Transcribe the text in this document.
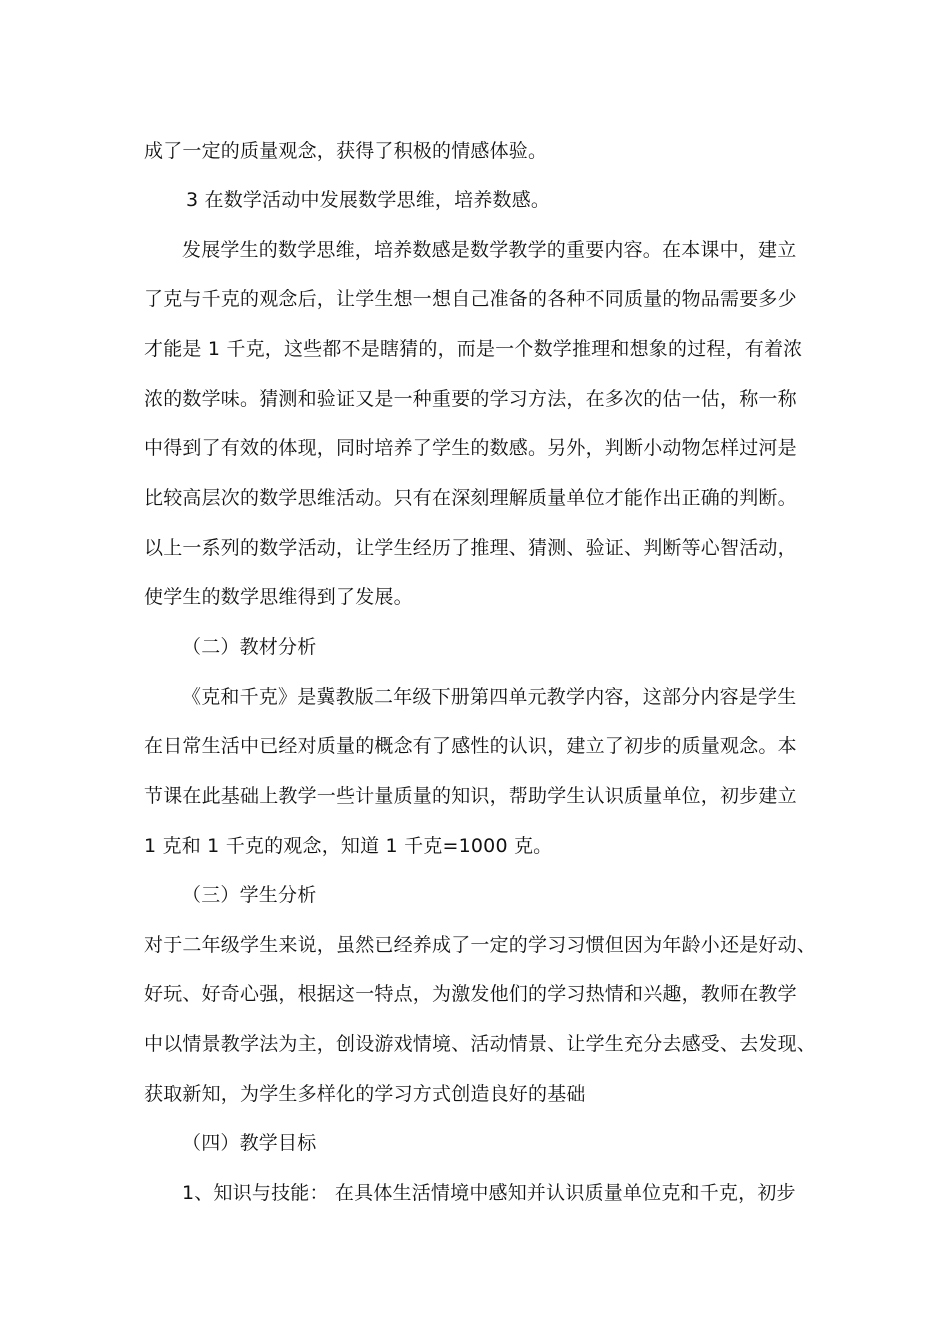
成了一定的质量观念，获得了积极的情感体验。
3 在数学活动中发展数学思维，培养数感。
发展学生的数学思维，培养数感是数学教学的重要内容。在本课中，建立
了克与千克的观念后，让学生想一想自己准备的各种不同质量的物品需要多少
才能是 1 千克，这些都不是瞎猜的，而是一个数学推理和想象的过程，有着浓
浓的数学味。猜测和验证又是一种重要的学习方法，在多次的估一估，称一称
中得到了有效的体现，同时培养了学生的数感。另外，判断小动物怎样过河是
比较高层次的数学思维活动。只有在深刻理解质量单位才能作出正确的判断。
以上一系列的数学活动，让学生经历了推理、猜测、验证、判断等心智活动，
使学生的数学思维得到了发展。
（二）教材分析
《克和千克》是冀教版二年级下册第四单元教学内容，这部分内容是学生
在日常生活中已经对质量的概念有了感性的认识，建立了初步的质量观念。本
节课在此基础上教学一些计量质量的知识，帮助学生认识质量单位，初步建立
1 克和 1 千克的观念，知道 1 千克=1000 克。
（三）学生分析
对于二年级学生来说，虽然已经养成了一定的学习习惯但因为年龄小还是好动、
好玩、好奇心强，根据这一特点，为激发他们的学习热情和兴趣，教师在教学
中以情景教学法为主，创设游戏情境、活动情景、让学生充分去感受、去发现、
获取新知，为学生多样化的学习方式创造良好的基础
（四）教学目标
1、知识与技能： 在具体生活情境中感知并认识质量单位克和千克，初步
